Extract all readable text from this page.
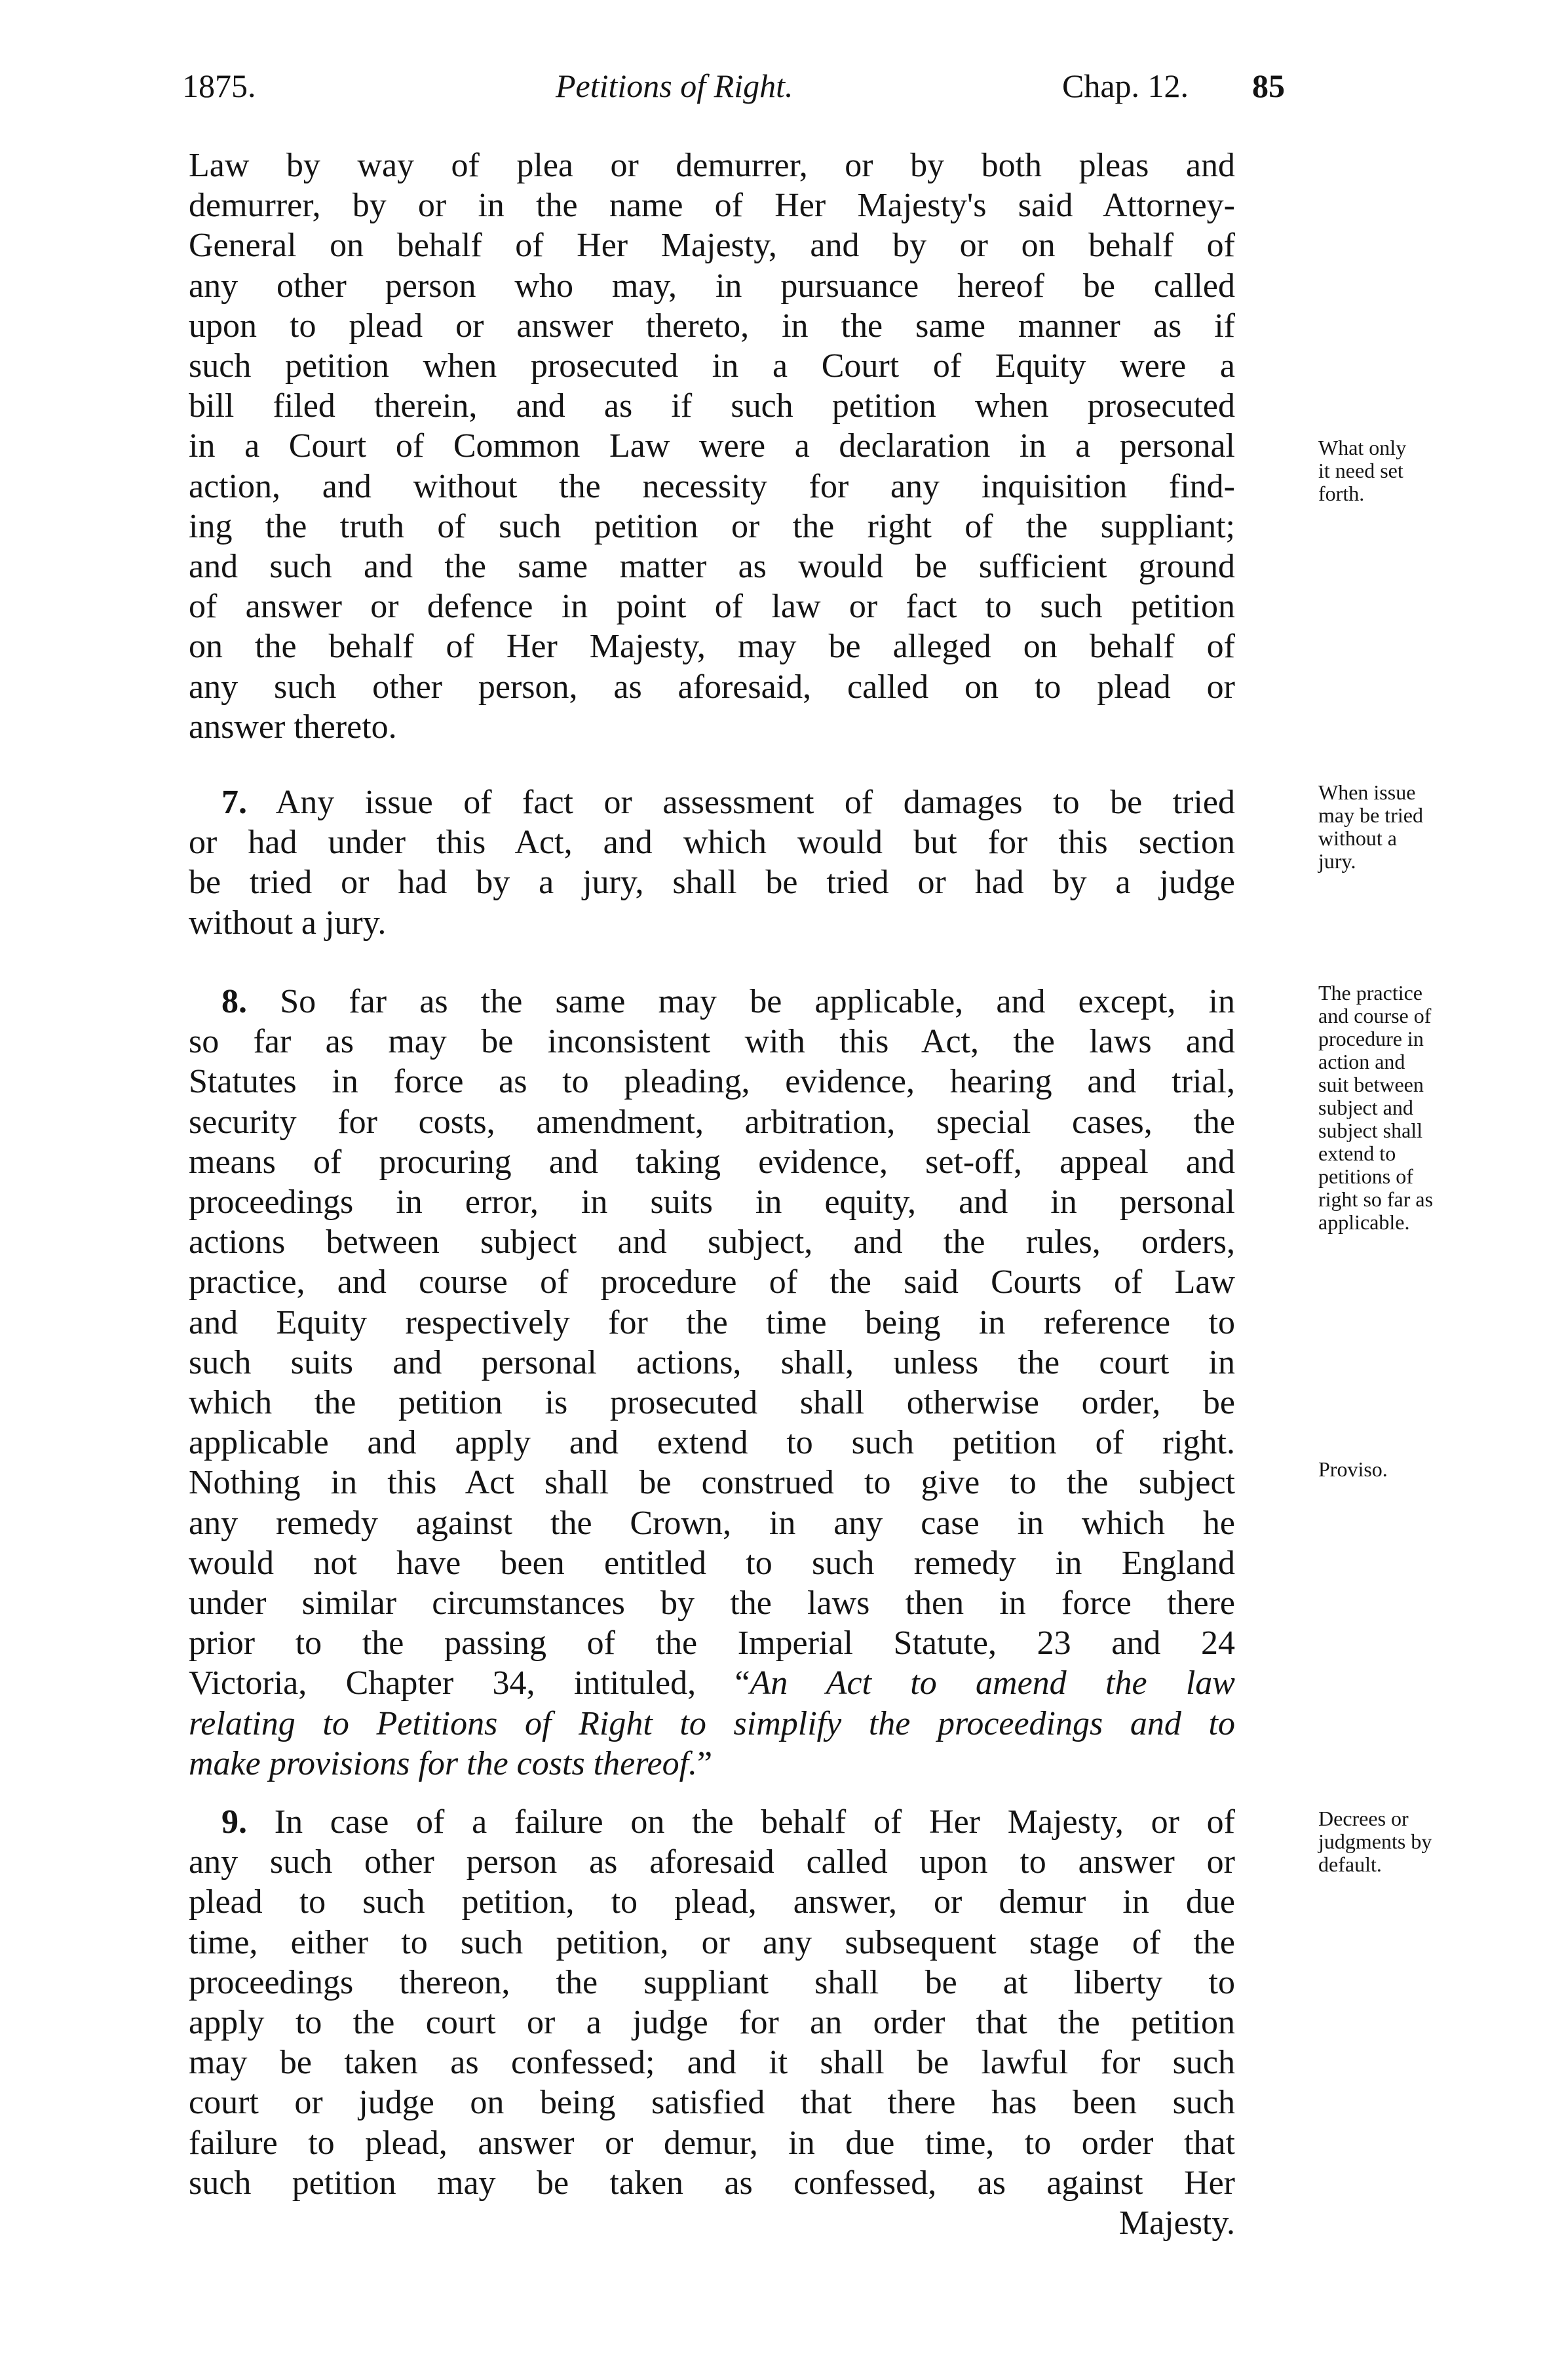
1875.	Petitions of Right.	Chap. 12. 85

Law by way of plea or demurrer, or by both pleas and

demurrer, by or in the name of Her Majesty's said Attorney-

General on behalf of Her Majesty, and by or on behalf of

any other person who may, in pursuance hereof be called

upon to plead or answer thereto, in the same manner as if

such petition when prosecuted in a Court of Equity were a

bill filed therein, and as if such petition when prosecuted

in a Court of Common Law were a declaration in a personal

action, and without the necessity for any inquisition find-

ing the truth of such petition or the right of the suppliant;

and such and the same matter as would be sufficient ground

of answer or defence in point of law or fact to such petition

on the behalf of Her Majesty, may be alleged on behalf of

any such other person, as aforesaid, called on to plead or

answer thereto.

7. Any issue of fact or assessment of damages to be tried

or had under this Act, and which would but for this section

be tried or had by a jury, shall be tried or had by a judge

without a jury.

8. So far as the same may be applicable, and except, in

so far as may be inconsistent with this Act, the laws and

Statutes in force as to pleading, evidence, hearing and trial,

security for costs, amendment, arbitration, special cases, the

means of procuring and taking evidence, set-off, appeal and

proceedings in error, in suits in equity, and in personal

actions between subject and subject, and the rules, orders,

practice, and course of procedure of the said Courts of Law

and Equity respectively for the time being in reference to

such suits and personal actions, shall, unless the court in

which the petition is prosecuted shall otherwise order, be

applicable and apply and extend to such petition of right.

Nothing in this Act shall be construed to give to the subject

any remedy against the Crown, in any case in which he

would not have been entitled to such remedy in England

under similar circumstances by the laws then in force there

prior to the passing of the Imperial Statute, 23 and 24

Victoria, Chapter 34, intituled, “An Act to amend the law

relating to Petitions of Right to simplify the proceedings and to

make provisions for the costs thereof.”

9. In case of a failure on the behalf of Her Majesty, or of

any such other person as aforesaid called upon to answer or

plead to such petition, to plead, answer, or demur in due

time, either to such petition, or any subsequent stage of the

proceedings thereon, the suppliant shall be at liberty to

apply to the court or a judge for an order that the petition

may be taken as confessed; and it shall be lawful for such

court or judge on being satisfied that there has been such

failure to plead, answer or demur, in due time, to order that

such petition may be taken as confessed, as against Her

Majesty.

What only
it need set
forth.
When issue
may be tried
without a
jury.
The practice
and course of
procedure in
action and
suit between
subject and
subject shall
extend to
petitions of
right so far as
applicable.
Proviso.
Decrees or
judgments by
default.
